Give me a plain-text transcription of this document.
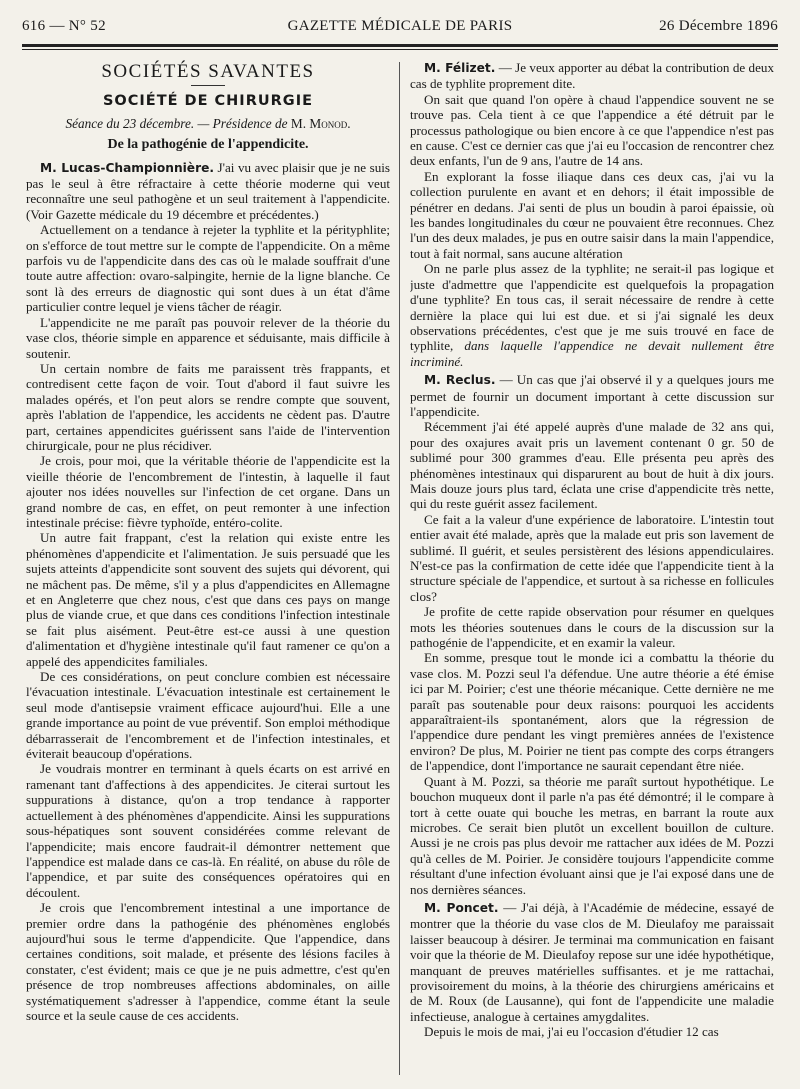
616 — N° 52	GAZETTE MÉDICALE DE PARIS	26 Décembre 1896
SOCIÉTÉS SAVANTES
SOCIÉTÉ DE CHIRURGIE
Séance du 23 décembre. — Présidence de M. Monod.
De la pathogénie de l'appendicite.

M. Lucas-Championnière. J'ai vu avec plaisir que je ne suis pas le seul à être réfractaire à cette théorie moderne qui veut reconnaître une seul pathogène et un seul traitement à l'appendicite. (Voir Gazette médicale du 19 décembre et précédentes.)

Actuellement on a tendance à rejeter la typhlite et la pérityphlite; on s'efforce de tout mettre sur le compte de l'appendicite. On a même parfois vu de l'appendicite dans des cas où le malade souffrait d'une toute autre affection: ovaro-salpingite, hernie de la ligne blanche. Ce sont là des erreurs de diagnostic qui sont dues à un état d'âme particulier contre lequel je viens tâcher de réagir.

L'appendicite ne me paraît pas pouvoir relever de la théorie du vase clos, théorie simple en apparence et séduisante, mais difficile à soutenir.

Un certain nombre de faits me paraissent très frappants, et contredisent cette façon de voir. Tout d'abord il faut suivre les malades opérés, et l'on peut alors se rendre compte que souvent, après l'ablation de l'appendice, les accidents ne cèdent pas. D'autre part, certaines appendicites guérissent sans l'aide de l'intervention chirurgicale, pour ne plus récidiver.

Je crois, pour moi, que la véritable théorie de l'appendicite est la vieille théorie de l'encombrement de l'intestin, à laquelle il faut ajouter nos idées nouvelles sur l'infection de cet organe. Dans un grand nombre de cas, en effet, on peut remonter à une infection intestinale précise: fièvre typhoïde, entéro-colite.

Un autre fait frappant, c'est la relation qui existe entre les phénomènes d'appendicite et l'alimentation. Je suis persuadé que les sujets atteints d'appendicite sont souvent des sujets qui dévorent, qui ne mâchent pas. De même, s'il y a plus d'appendicites en Allemagne et en Angleterre que chez nous, c'est que dans ces pays on mange plus de viande crue, et que dans ces conditions l'infection intestinale se fait plus aisément. Peut-être est-ce aussi à une question d'alimentation et d'hygiène intestinale qu'il faut ramener ce qu'on a appelé des appendicites familiales.

De ces considérations, on peut conclure combien est nécessaire l'évacuation intestinale. L'évacuation intestinale est certainement le seul mode d'antisepsie vraiment efficace aujourd'hui. Elle a une grande importance au point de vue préventif. Son emploi méthodique débarrasserait de l'encombrement et de l'infection intestinales, et éviterait beaucoup d'opérations.

Je voudrais montrer en terminant à quels écarts on est arrivé en ramenant tant d'affections à des appendicites. Je citerai surtout les suppurations à distance, qu'on a trop tendance à rapporter actuellement à des phénomènes d'appendicite. Ainsi les suppurations sous-hépatiques sont souvent considérées comme relevant de l'appendicite; mais encore faudrait-il démontrer nettement que l'appendice est malade dans ce cas-là. En réalité, on abuse du rôle de l'appendice, et par suite des conséquences opératoires qui en découlent.

Je crois que l'encombrement intestinal a une importance de premier ordre dans la pathogénie des phénomènes englobés aujourd'hui sous le terme d'appendicite. Que l'appendice, dans certaines conditions, soit malade, et présente des lésions faciles à constater, c'est évident; mais ce que je ne puis admettre, c'est qu'en présence de trop nombreuses affections abdominales, on aille systématiquement s'adresser à l'appendice, comme étant la seule source et la seule cause de ces accidents.

M. Félizet. — Je veux apporter au débat la contribution de deux cas de typhlite proprement dite.

On sait que quand l'on opère à chaud l'appendice souvent ne se trouve pas. Cela tient à ce que l'appendice a été détruit par le processus pathologique ou bien encore à ce que l'appendice n'est pas en cause. C'est ce dernier cas que j'ai eu l'occasion de rencontrer chez deux enfants, l'un de 9 ans, l'autre de 14 ans.

En explorant la fosse iliaque dans ces deux cas, j'ai vu la collection purulente en avant et en dehors; il était impossible de pénétrer en dedans. J'ai senti de plus un boudin à paroi épaissie, où les bandes longitudinales du cœur ne pouvaient être reconnues. Chez l'un des deux malades, je pus en outre saisir dans la main l'appendice, tout à fait normal, sans aucune altération

On ne parle plus assez de la typhlite; ne serait-il pas logique et juste d'admettre que l'appendicite est quelquefois la propagation d'une typhlite? En tous cas, il serait nécessaire de rendre à cette dernière la place qui lui est due. et si j'ai signalé les deux observations précédentes, c'est que je me suis trouvé en face de typhlite, dans laquelle l'appendice ne devait nullement être incriminé.

M. Reclus. — Un cas que j'ai observé il y a quelques jours me permet de fournir un document important à cette discussion sur l'appendicite.

Récemment j'ai été appelé auprès d'une malade de 32 ans qui, pour des oxajures avait pris un lavement contenant 0 gr. 50 de sublimé pour 300 grammes d'eau. Elle présenta peu après des phénomènes intestinaux qui disparurent au bout de huit à dix jours. Mais douze jours plus tard, éclata une crise d'appendicite très nette, qui du reste guérit assez facilement.

Ce fait a la valeur d'une expérience de laboratoire. L'intestin tout entier avait été malade, après que la malade eut pris son lavement de sublimé. Il guérit, et seules persistèrent des lésions appendiculaires. N'est-ce pas la confirmation de cette idée que l'appendicite tient à la structure spéciale de l'appendice, et surtout à sa richesse en follicules clos?

Je profite de cette rapide observation pour résumer en quelques mots les théories soutenues dans le cours de la discussion sur la pathogénie de l'appendicite, et en examir la valeur.

En somme, presque tout le monde ici a combattu la théorie du vase clos. M. Pozzi seul l'a défendue. Une autre théorie a été émise ici par M. Poirier; c'est une théorie mécanique. Cette dernière ne me paraît pas soutenable pour deux raisons: pourquoi les accidents apparaîtraient-ils spontanément, alors que la régression de l'appendice dure pendant les vingt premières années de l'existence environ? De plus, M. Poirier ne tient pas compte des corps étrangers de l'appendice, dont l'importance ne saurait cependant être niée.

Quant à M. Pozzi, sa théorie me paraît surtout hypothétique. Le bouchon muqueux dont il parle n'a pas été démontré; il le compare à tort à cette ouate qui bouche les metras, en barrant la route aux microbes. Ce serait bien plutôt un excellent bouillon de culture. Aussi je ne crois pas plus devoir me rattacher aux idées de M. Pozzi qu'à celles de M. Poirier. Je considère toujours l'appendicite comme résultant d'une infection évoluant ainsi que je l'ai exposé dans une de nos dernières séances.

M. Poncet. — J'ai déjà, à l'Académie de médecine, essayé de montrer que la théorie du vase clos de M. Dieulafoy me paraissait laisser beaucoup à désirer. Je terminai ma communication en faisant voir que la théorie de M. Dieulafoy repose sur une idée hypothétique, manquant de preuves matérielles suffisantes. et je me rattachai, provisoirement du moins, à la théorie des chirurgiens américains et de M. Roux (de Lausanne), qui font de l'appendicite une maladie infectieuse, analogue à certaines amygdalites.

Depuis le mois de mai, j'ai eu l'occasion d'étudier 12 cas
